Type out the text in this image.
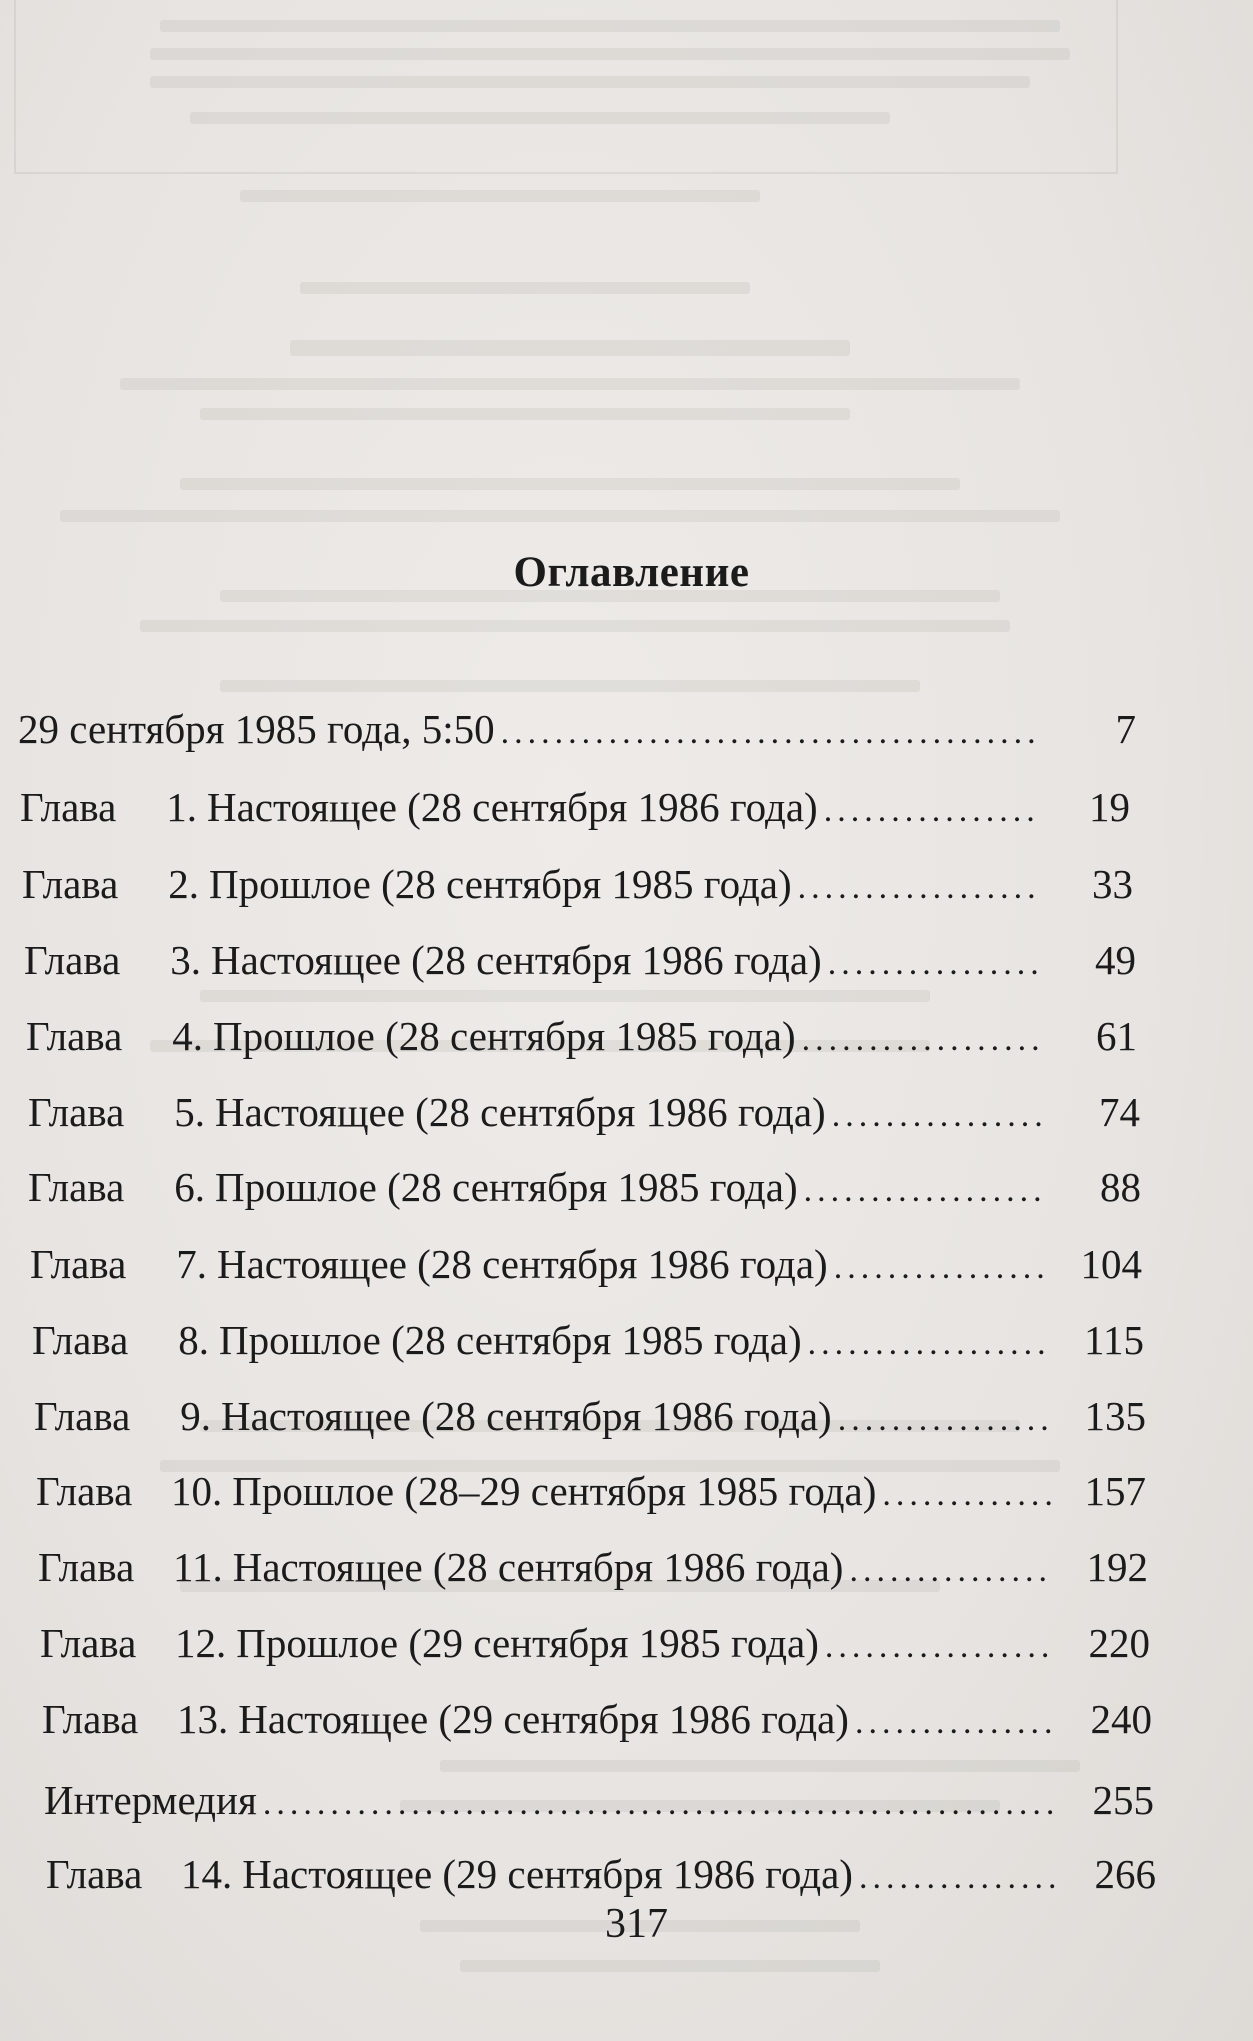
Оглавление
29 сентября 1985 года, 5:50 .....	7
Глава 1. Настоящее (28 сентября 1986 года) .....	19
Глава 2. Прошлое (28 сентября 1985 года) .....	33
Глава 3. Настоящее (28 сентября 1986 года) .....	49
Глава 4. Прошлое (28 сентября 1985 года) .....	61
Глава 5. Настоящее (28 сентября 1986 года) .....	74
Глава 6. Прошлое (28 сентября 1985 года) .....	88
Глава 7. Настоящее (28 сентября 1986 года) .....	104
Глава 8. Прошлое (28 сентября 1985 года) .....	115
Глава 9. Настоящее (28 сентября 1986 года) .....	135
Глава 10. Прошлое (28–29 сентября 1985 года) .....	157
Глава 11. Настоящее (28 сентября 1986 года) .....	192
Глава 12. Прошлое (29 сентября 1985 года) .....	220
Глава 13. Настоящее (29 сентября 1986 года) .....	240
Интермедия .....	255
Глава 14. Настоящее (29 сентября 1986 года) .....	266
317
